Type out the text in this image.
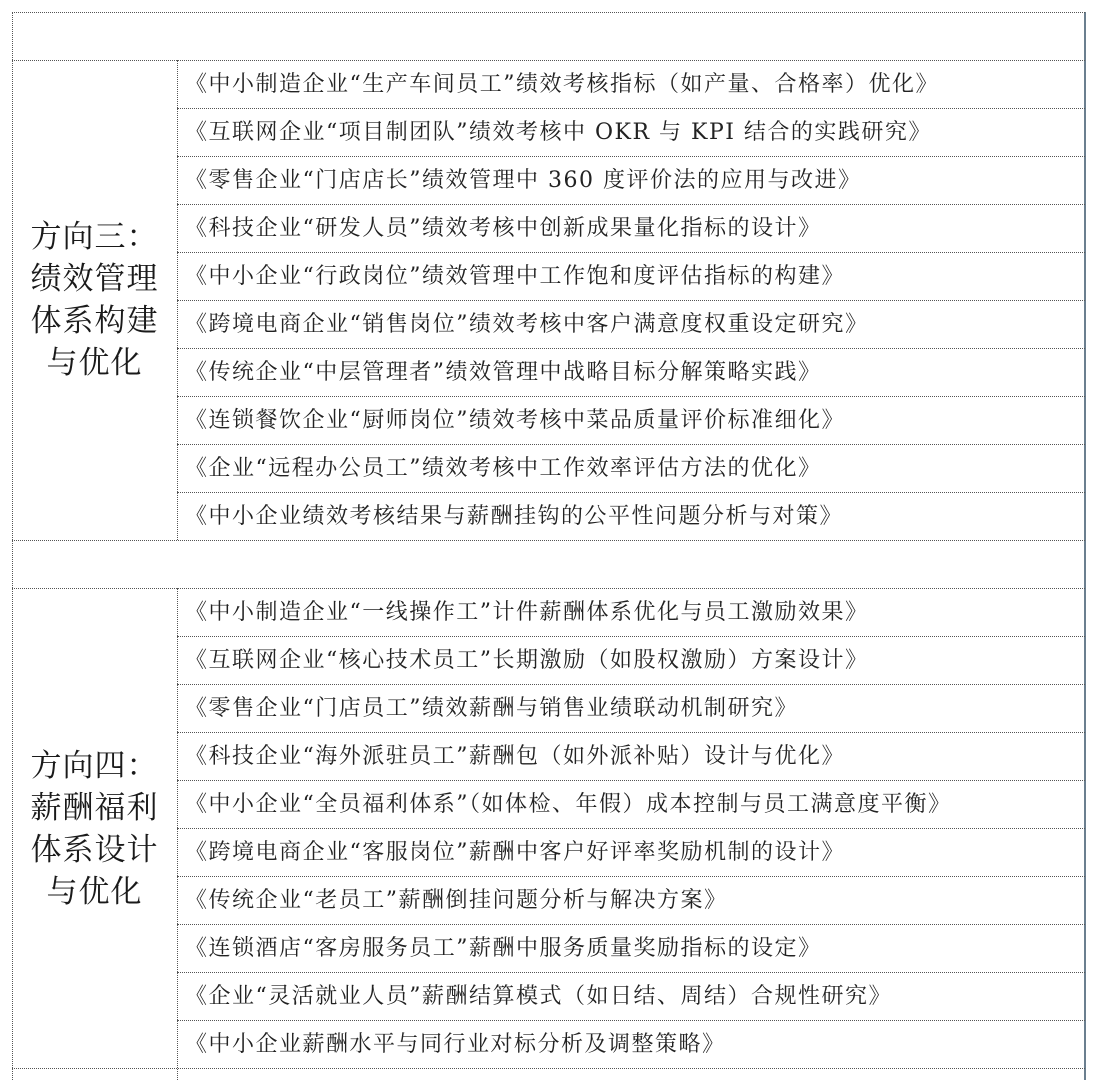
方向三：
绩效管理
体系构建
与优化
《中小制造企业“生产车间员工”绩效考核指标（如产量、合格率）优化》
《互联网企业“项目制团队”绩效考核中 OKR 与 KPI 结合的实践研究》
《零售企业“门店店长”绩效管理中 360 度评价法的应用与改进》
《科技企业“研发人员”绩效考核中创新成果量化指标的设计》
《中小企业“行政岗位”绩效管理中工作饱和度评估指标的构建》
《跨境电商企业“销售岗位”绩效考核中客户满意度权重设定研究》
《传统企业“中层管理者”绩效管理中战略目标分解策略实践》
《连锁餐饮企业“厨师岗位”绩效考核中菜品质量评价标准细化》
《企业“远程办公员工”绩效考核中工作效率评估方法的优化》
《中小企业绩效考核结果与薪酬挂钩的公平性问题分析与对策》
方向四：
薪酬福利
体系设计
与优化
《中小制造企业“一线操作工”计件薪酬体系优化与员工激励效果》
《互联网企业“核心技术员工”长期激励（如股权激励）方案设计》
《零售企业“门店员工”绩效薪酬与销售业绩联动机制研究》
《科技企业“海外派驻员工”薪酬包（如外派补贴）设计与优化》
《中小企业“全员福利体系”（如体检、年假）成本控制与员工满意度平衡》
《跨境电商企业“客服岗位”薪酬中客户好评率奖励机制的设计》
《传统企业“老员工”薪酬倒挂问题分析与解决方案》
《连锁酒店“客房服务员工”薪酬中服务质量奖励指标的设定》
《企业“灵活就业人员”薪酬结算模式（如日结、周结）合规性研究》
《中小企业薪酬水平与同行业对标分析及调整策略》
